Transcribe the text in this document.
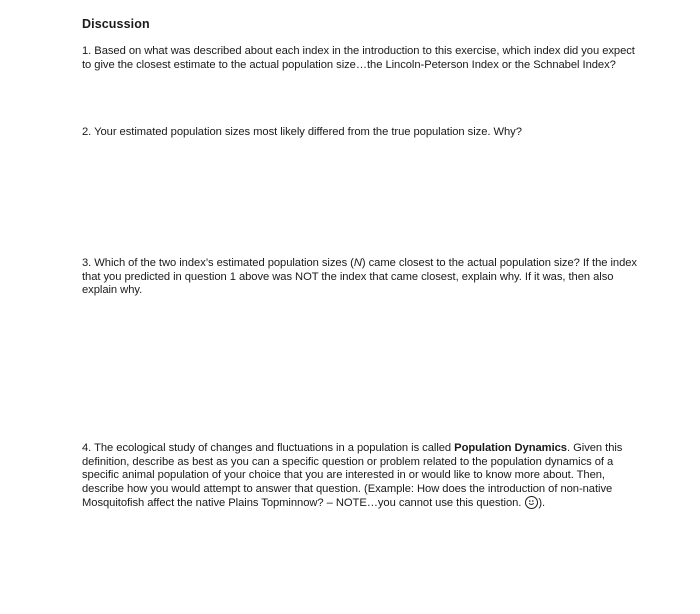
Discussion
1. Based on what was described about each index in the introduction to this exercise, which index did you expect
to give the closest estimate to the actual population size…the Lincoln-Peterson Index or the Schnabel Index?
2. Your estimated population sizes most likely differed from the true population size. Why?
3. Which of the two index’s estimated population sizes (N) came closest to the actual population size? If the index
that you predicted in question 1 above was NOT the index that came closest, explain why. If it was, then also
explain why.
4. The ecological study of changes and fluctuations in a population is called Population Dynamics. Given this
definition, describe as best as you can a specific question or problem related to the population dynamics of a
specific animal population of your choice that you are interested in or would like to know more about. Then,
describe how you would attempt to answer that question. (Example: How does the introduction of non-native
Mosquitofish affect the native Plains Topminnow? – NOTE…you cannot use this question. ).
